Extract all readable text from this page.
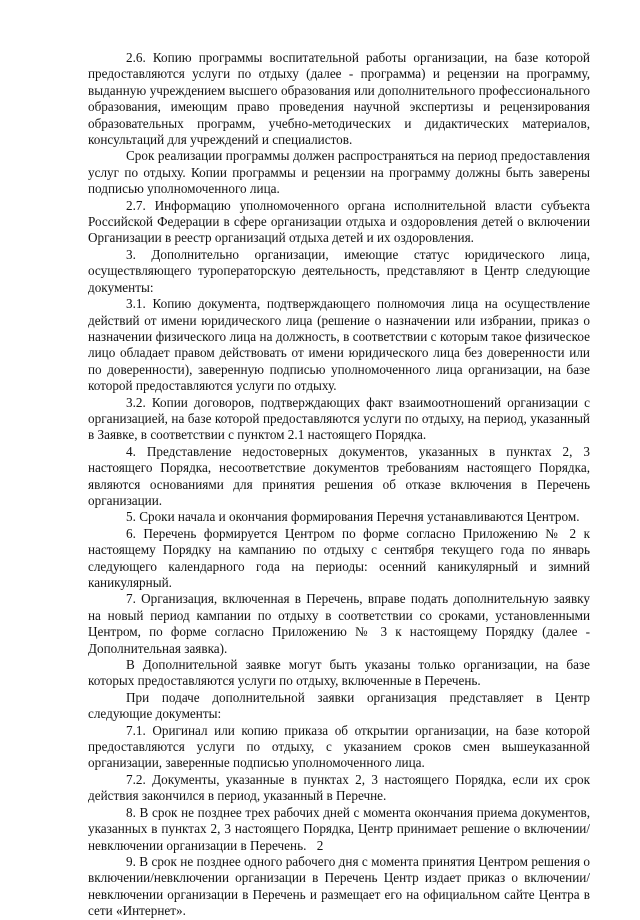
2.6. Копию программы воспитательной работы организации, на базе которой предоставляются услуги по отдыху (далее - программа) и рецензии на программу, выданную учреждением высшего образования или дополнительного профессионального образования, имеющим право проведения научной экспертизы и рецензирования образовательных программ, учебно-методических и дидактических материалов, консультаций для учреждений и специалистов.

Срок реализации программы должен распространяться на период предоставления услуг по отдыху. Копии программы и рецензии на программу должны быть заверены подписью уполномоченного лица.

2.7. Информацию уполномоченного органа исполнительной власти субъекта Российской Федерации в сфере организации отдыха и оздоровления детей о включении Организации в реестр организаций отдыха детей и их оздоровления.

3. Дополнительно организации, имеющие статус юридического лица, осуществляющего туроператорскую деятельность, представляют в Центр следующие документы:

3.1. Копию документа, подтверждающего полномочия лица на осуществление действий от имени юридического лица (решение о назначении или избрании, приказ о назначении физического лица на должность, в соответствии с которым такое физическое лицо обладает правом действовать от имени юридического лица без доверенности или по доверенности), заверенную подписью уполномоченного лица организации, на базе которой предоставляются услуги по отдыху.

3.2. Копии договоров, подтверждающих факт взаимоотношений организации с организацией, на базе которой предоставляются услуги по отдыху, на период, указанный в Заявке, в соответствии с пунктом 2.1 настоящего Порядка.

4. Представление недостоверных документов, указанных в пунктах 2, 3 настоящего Порядка, несоответствие документов требованиям настоящего Порядка, являются основаниями для принятия решения об отказе включения в Перечень организации.

5. Сроки начала и окончания формирования Перечня устанавливаются Центром.

6. Перечень формируется Центром по форме согласно Приложению № 2 к настоящему Порядку на кампанию по отдыху с сентября текущего года по январь следующего календарного года на периоды: осенний каникулярный и зимний каникулярный.

7. Организация, включенная в Перечень, вправе подать дополнительную заявку на новый период кампании по отдыху в соответствии со сроками, установленными Центром, по форме согласно Приложению № 3 к настоящему Порядку (далее - Дополнительная заявка).

В Дополнительной заявке могут быть указаны только организации, на базе которых предоставляются услуги по отдыху, включенные в Перечень.

При подаче дополнительной заявки организация представляет в Центр следующие документы:

7.1. Оригинал или копию приказа об открытии организации, на базе которой предоставляются услуги по отдыху, с указанием сроков смен вышеуказанной организации, заверенные подписью уполномоченного лица.

7.2. Документы, указанные в пунктах 2, 3 настоящего Порядка, если их срок действия закончился в период, указанный в Перечне.

8. В срок не позднее трех рабочих дней с момента окончания приема документов, указанных в пунктах 2, 3 настоящего Порядка, Центр принимает решение о включении/невключении организации в Перечень.

9. В срок не позднее одного рабочего дня с момента принятия Центром решения о включении/невключении организации в Перечень Центр издает приказ о включении/невключении организации в Перечень и размещает его на официальном сайте Центра в сети «Интернет».

2
